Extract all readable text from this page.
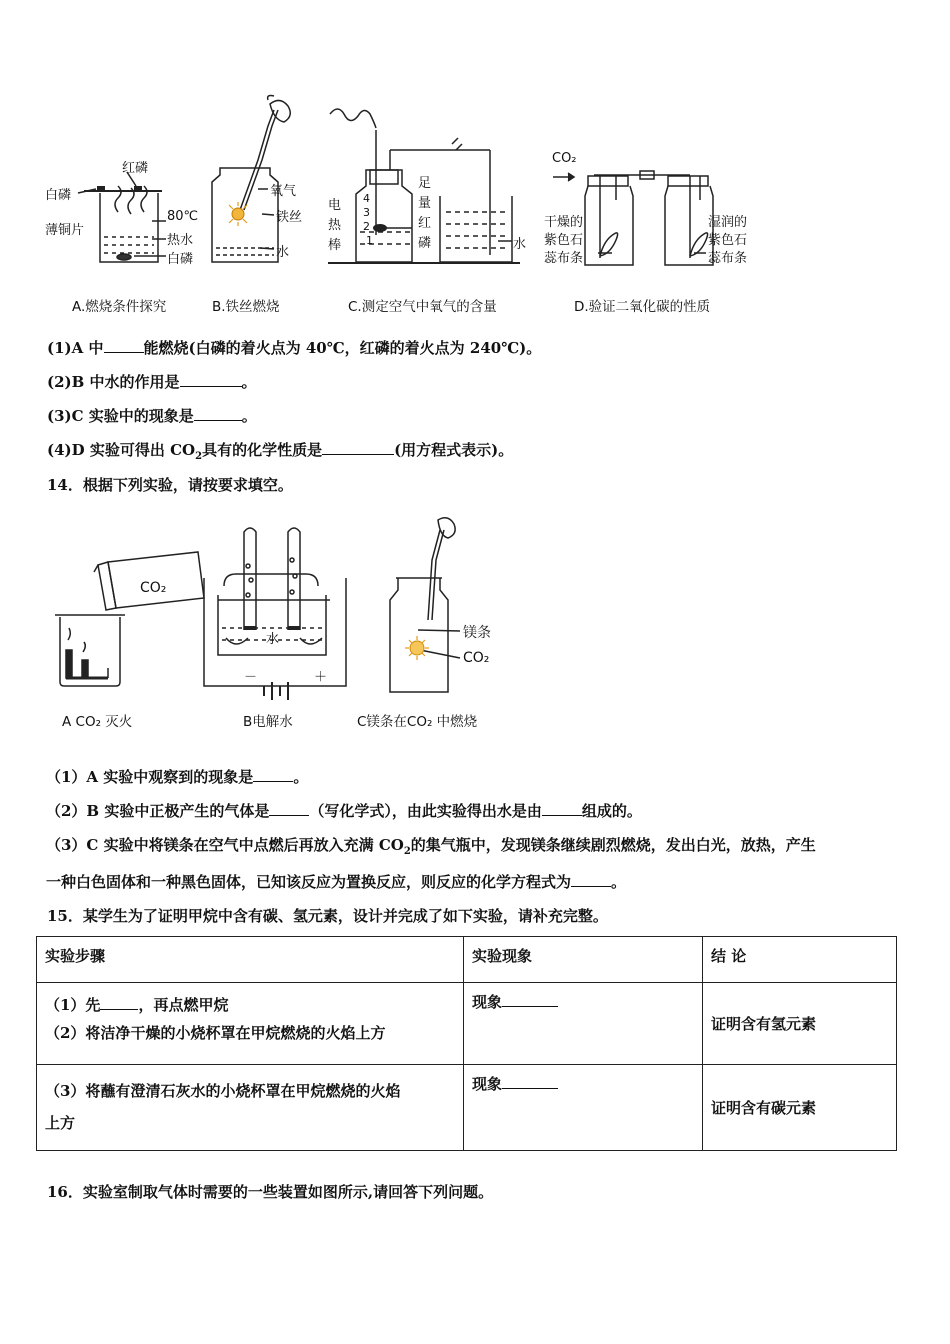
红磷
白磷
薄铜片
80℃
热水
白磷
氧气
铁丝
水
电
热
棒
4
3
2
1
足
量
红
磷	水
CO₂
干燥的
紫色石
蕊布条
湿润的
紫色石
蕊布条
A.燃烧条件探究	B.铁丝燃烧	C.测定空气中氧气的含量	D.验证二氧化碳的性质
(1)A 中	能燃烧(白磷的着火点为 40℃，红磷的着火点为 240℃)。
(2)B 中水的作用是	。
(3)C 实验中的现象是	。
(4)D 实验可得出 $CO_2$具有的化学性质是	(用方程式表示)。
14．根据下列实验，请按要求填空。
CO₂
水
－	＋
镁条
CO₂
A CO₂ 灭火	B电解水	C镁条在CO₂ 中燃烧
（1）A 实验中观察到的现象是	。
（2）B 实验中正极产生的气体是	（写化学式），由此实验得出水是由	组成的。
（3）C 实验中将镁条在空气中点燃后再放入充满 $CO_2$的集气瓶中，发现镁条继续剧烈燃烧，发出白光，放热，产生
一种白色固体和一种黑色固体，已知该反应为置换反应，则反应的化学方程式为	。
15．某学生为了证明甲烷中含有碳、氢元素，设计并完成了如下实验，请补充完整。
实验步骤	实验现象	结 论

（1）先 ，再点燃甲烷
（2）将洁净干燥的小烧杯罩在甲烷燃烧的火焰上方	现象	证明含有氢元素

（3）将蘸有澄清石灰水的小烧杯罩在甲烷燃烧的火焰
上方	现象	证明含有碳元素
16．实验室制取气体时需要的一些装置如图所示,请回答下列问题。
